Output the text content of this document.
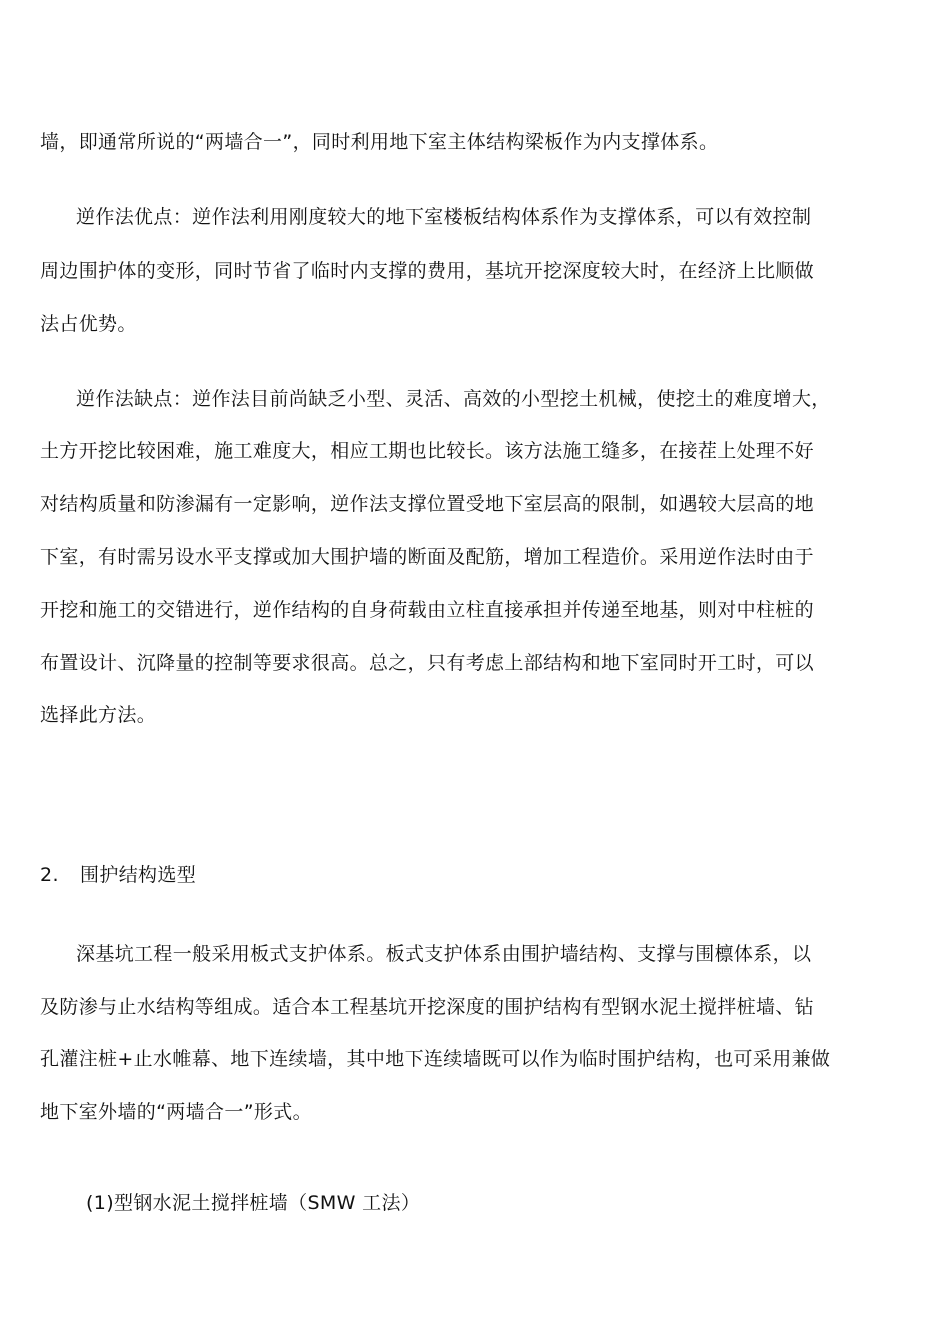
墙，即通常所说的“两墙合一”，同时利用地下室主体结构梁板作为内支撑体系。
逆作法优点：逆作法利用刚度较大的地下室楼板结构体系作为支撑体系，可以有效控制
周边围护体的变形，同时节省了临时内支撑的费用，基坑开挖深度较大时，在经济上比顺做
法占优势。
逆作法缺点：逆作法目前尚缺乏小型、灵活、高效的小型挖土机械，使挖土的难度增大，
土方开挖比较困难，施工难度大，相应工期也比较长。该方法施工缝多，在接茬上处理不好
对结构质量和防渗漏有一定影响，逆作法支撑位置受地下室层高的限制，如遇较大层高的地
下室，有时需另设水平支撑或加大围护墙的断面及配筋，增加工程造价。采用逆作法时由于
开挖和施工的交错进行，逆作结构的自身荷载由立柱直接承担并传递至地基，则对中柱桩的
布置设计、沉降量的控制等要求很高。总之，只有考虑上部结构和地下室同时开工时，可以
选择此方法。
2. 围护结构选型
深基坑工程一般采用板式支护体系。板式支护体系由围护墙结构、支撑与围檩体系，以
及防渗与止水结构等组成。适合本工程基坑开挖深度的围护结构有型钢水泥土搅拌桩墙、钻
孔灌注桩+止水帷幕、地下连续墙，其中地下连续墙既可以作为临时围护结构，也可采用兼做
地下室外墙的“两墙合一”形式。
(1)型钢水泥土搅拌桩墙（SMW 工法）
